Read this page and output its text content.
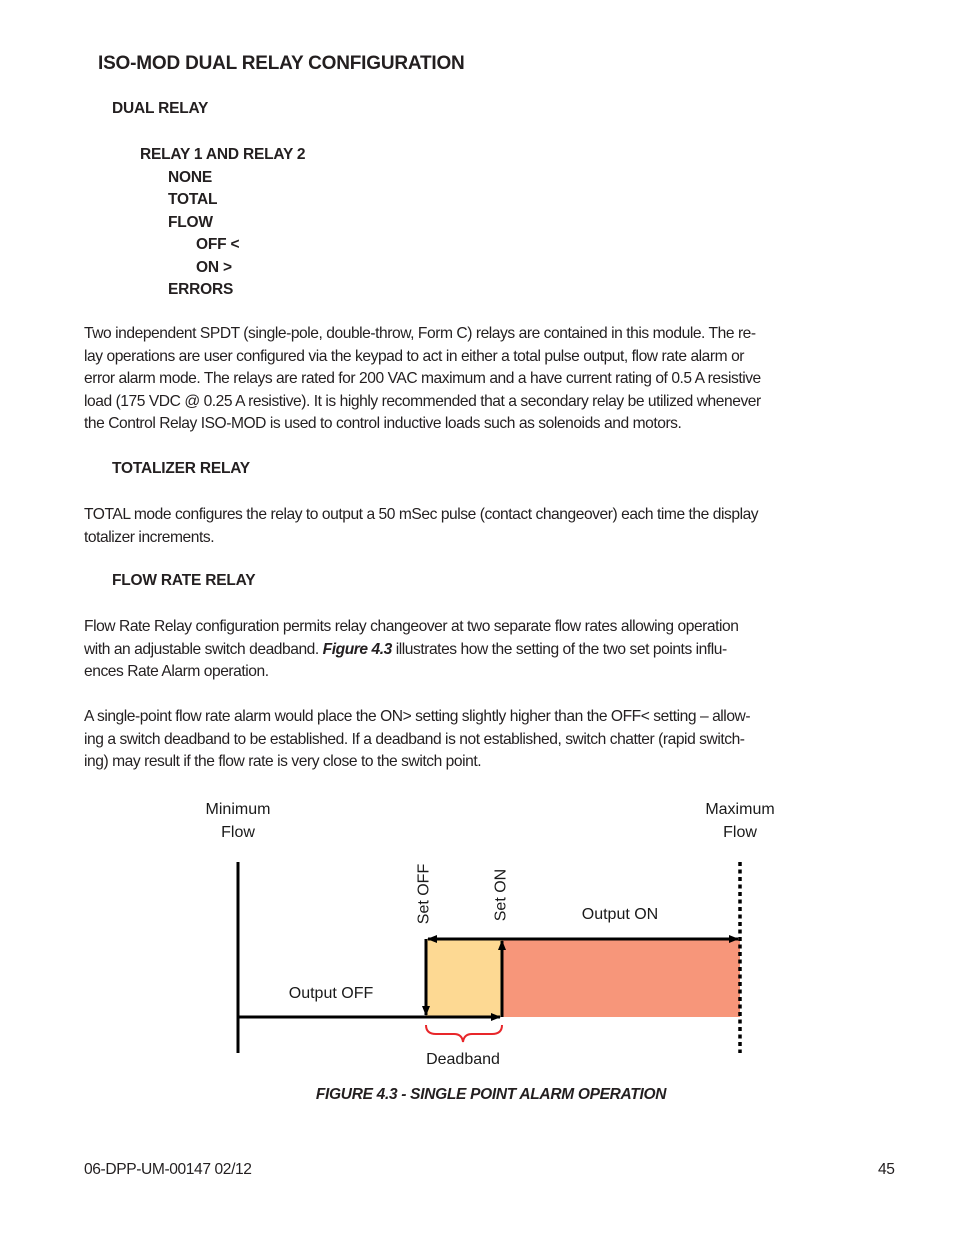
ISO-MOD DUAL RELAY CONFIGURATION
DUAL RELAY
RELAY 1 AND RELAY 2
NONE
TOTAL
FLOW
OFF <
ON >
ERRORS
Two independent SPDT (single-pole, double-throw, Form C) relays are contained in this module. The re-
lay operations are user configured via the keypad to act in either a total pulse output, flow rate alarm or
error alarm mode. The relays are rated for 200 VAC maximum and a have current rating of 0.5 A resistive
load (175 VDC @ 0.25 A resistive). It is highly recommended that a secondary relay be utilized whenever
the Control Relay ISO-MOD is used to control inductive loads such as solenoids and motors.
TOTALIZER RELAY
TOTAL mode configures the relay to output a 50 mSec pulse (contact changeover) each time the display
totalizer increments.
FLOW RATE RELAY
Flow Rate Relay configuration permits relay changeover at two separate flow rates allowing operation
with an adjustable switch deadband. Figure 4.3 illustrates how the setting of the two set points influ-
ences Rate Alarm operation.
A single-point flow rate alarm would place the ON> setting slightly higher than the OFF< setting – allow-
ing a switch deadband to be established. If a deadband is not established, switch chatter (rapid switch-
ing) may result if the flow rate is very close to the switch point.
Minimum
Flow
Maximum
Flow
Set OFF	Set ON	Output ON
Output OFF
Deadband
FIGURE 4.3 - SINGLE POINT ALARM OPERATION
06-DPP-UM-00147 02/12	45
